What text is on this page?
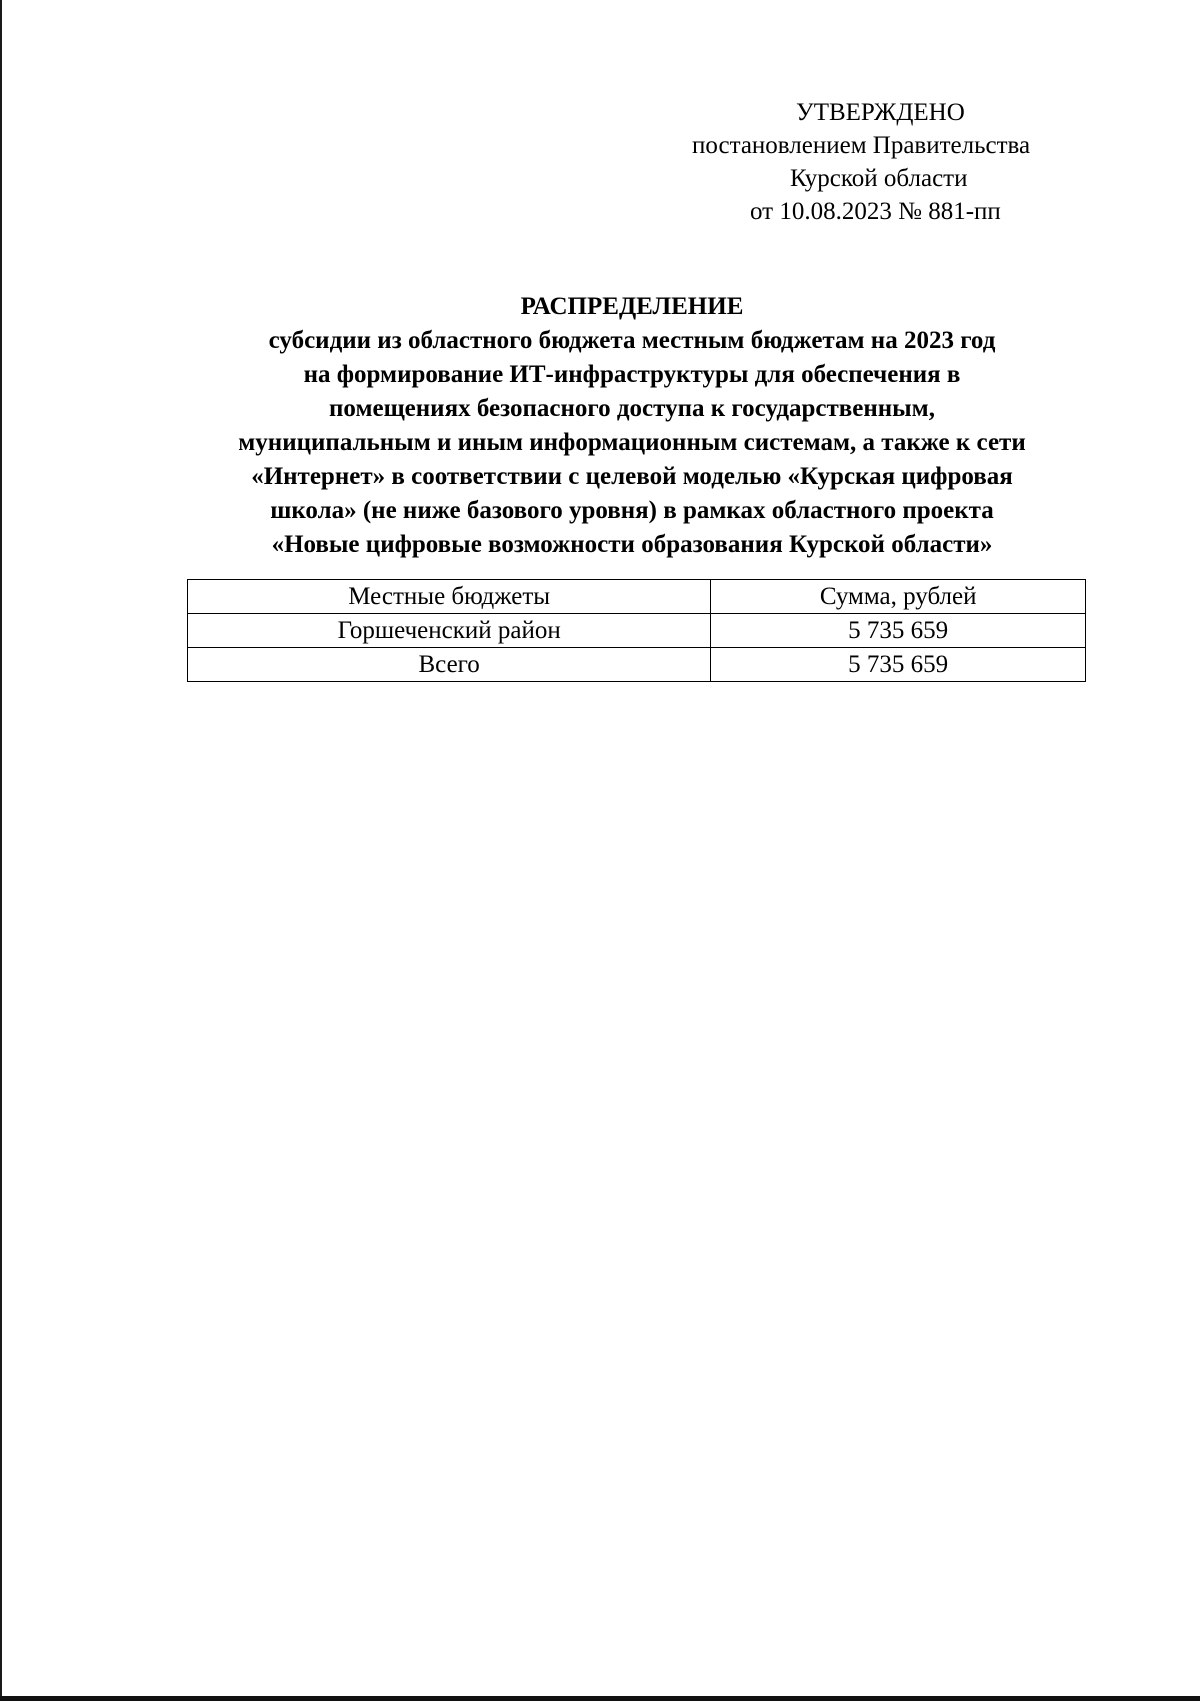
УТВЕРЖДЕНО
постановлением Правительства
Курской области
от 10.08.2023 № 881-пп
РАСПРЕДЕЛЕНИЕ
субсидии из областного бюджета местным бюджетам на 2023 год
на формирование ИТ-инфраструктуры для обеспечения в
помещениях безопасного доступа к государственным,
муниципальным и иным информационным системам, а также к сети
«Интернет» в соответствии с целевой моделью «Курская цифровая
школа» (не ниже базового уровня) в рамках областного проекта
«Новые цифровые возможности образования Курской области»
Местные бюджеты	Сумма, рублей
Горшеченский район	5 735 659
Всего	5 735 659
